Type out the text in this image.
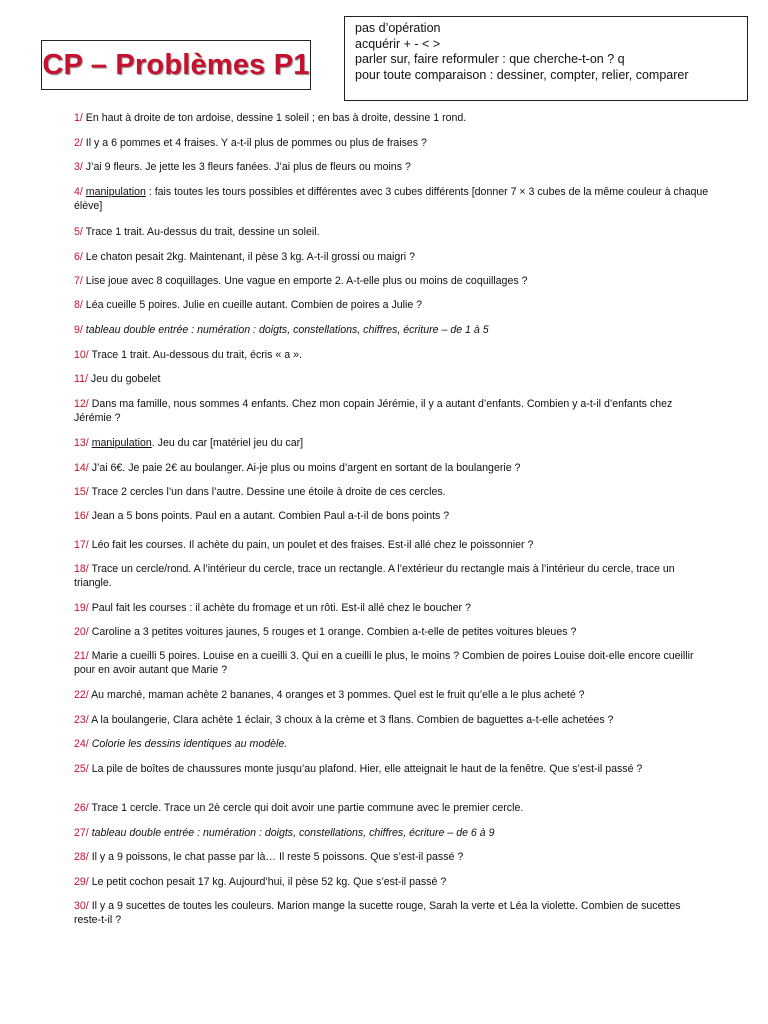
CP – Problèmes P1
pas d’opération
acquérir + - < >
parler sur, faire reformuler : que cherche-t-on ? q
pour toute comparaison : dessiner, compter, relier, comparer
1/ En haut à droite de ton ardoise, dessine 1 soleil ; en bas à droite, dessine 1 rond.
2/ Il y a 6 pommes et 4 fraises. Y a-t-il plus de pommes ou plus de fraises ?
3/ J’ai 9 fleurs. Je jette les 3 fleurs fanées. J’ai plus de fleurs ou moins ?
4/ manipulation : fais toutes les tours possibles et différentes avec 3 cubes différents [donner 7 × 3 cubes de la même couleur à chaque élève]
5/ Trace 1 trait. Au-dessus du trait, dessine un soleil.
6/ Le chaton pesait 2kg. Maintenant, il pèse 3 kg. A-t-il grossi ou maigri ?
7/ Lise joue avec 8 coquillages. Une vague en emporte 2. A-t-elle plus ou moins de coquillages ?
8/ Léa cueille 5 poires. Julie en cueille autant. Combien de poires a Julie ?
9/ tableau double entrée : numération : doigts, constellations, chiffres, écriture – de 1 à 5
10/ Trace 1 trait. Au-dessous du trait, écris « a ».
11/ Jeu du gobelet
12/ Dans ma famille, nous sommes 4 enfants. Chez mon copain Jérémie, il y a autant d’enfants. Combien y a-t-il d’enfants chez Jérémie ?
13/ manipulation. Jeu du car [matériel jeu du car]
14/ J’ai 6€. Je paie 2€ au boulanger. Ai-je plus ou moins d’argent en sortant de la boulangerie ?
15/ Trace 2 cercles l’un dans l’autre. Dessine une étoile à droite de ces cercles.
16/ Jean a 5 bons points. Paul en a autant. Combien Paul a-t-il de bons points ?
17/ Léo fait les courses. Il achète du pain, un poulet et des fraises. Est-il allé chez le poissonnier ?
18/ Trace un cercle/rond. A l’intérieur du cercle, trace un rectangle. A l’extérieur du rectangle mais à l’intérieur du cercle, trace un triangle.
19/ Paul fait les courses : il achète du fromage et un rôti. Est-il allé chez le boucher ?
20/ Caroline a 3 petites voitures jaunes, 5 rouges et 1 orange. Combien a-t-elle de petites voitures bleues ?
21/ Marie a cueilli 5 poires. Louise en a cueilli 3. Qui en a cueilli le plus, le moins ? Combien de poires Louise doit-elle encore cueillir pour en avoir autant que Marie ?
22/ Au marché, maman achète 2 bananes, 4 oranges et 3 pommes. Quel est le fruit qu’elle a le plus acheté ?
23/ A la boulangerie, Clara achète 1 éclair, 3 choux à la crème et 3 flans. Combien de baguettes a-t-elle achetées ?
24/ Colorie les dessins identiques au modèle.
25/ La pile de boîtes de chaussures monte jusqu’au plafond. Hier, elle atteignait le haut de la fenêtre. Que s’est-il passé ?
26/ Trace 1 cercle. Trace un 2è cercle qui doit avoir une partie commune avec le premier cercle.
27/ tableau double entrée : numération : doigts, constellations, chiffres, écriture – de 6 à 9
28/ Il y a 9 poissons, le chat passe par là… Il reste 5 poissons. Que s’est-il passé ?
29/ Le petit cochon pesait 17 kg. Aujourd’hui, il pèse 52 kg. Que s’est-il passé ?
30/ Il y a 9 sucettes de toutes les couleurs. Marion mange la sucette rouge, Sarah la verte et Léa la violette. Combien de sucettes reste-t-il ?
